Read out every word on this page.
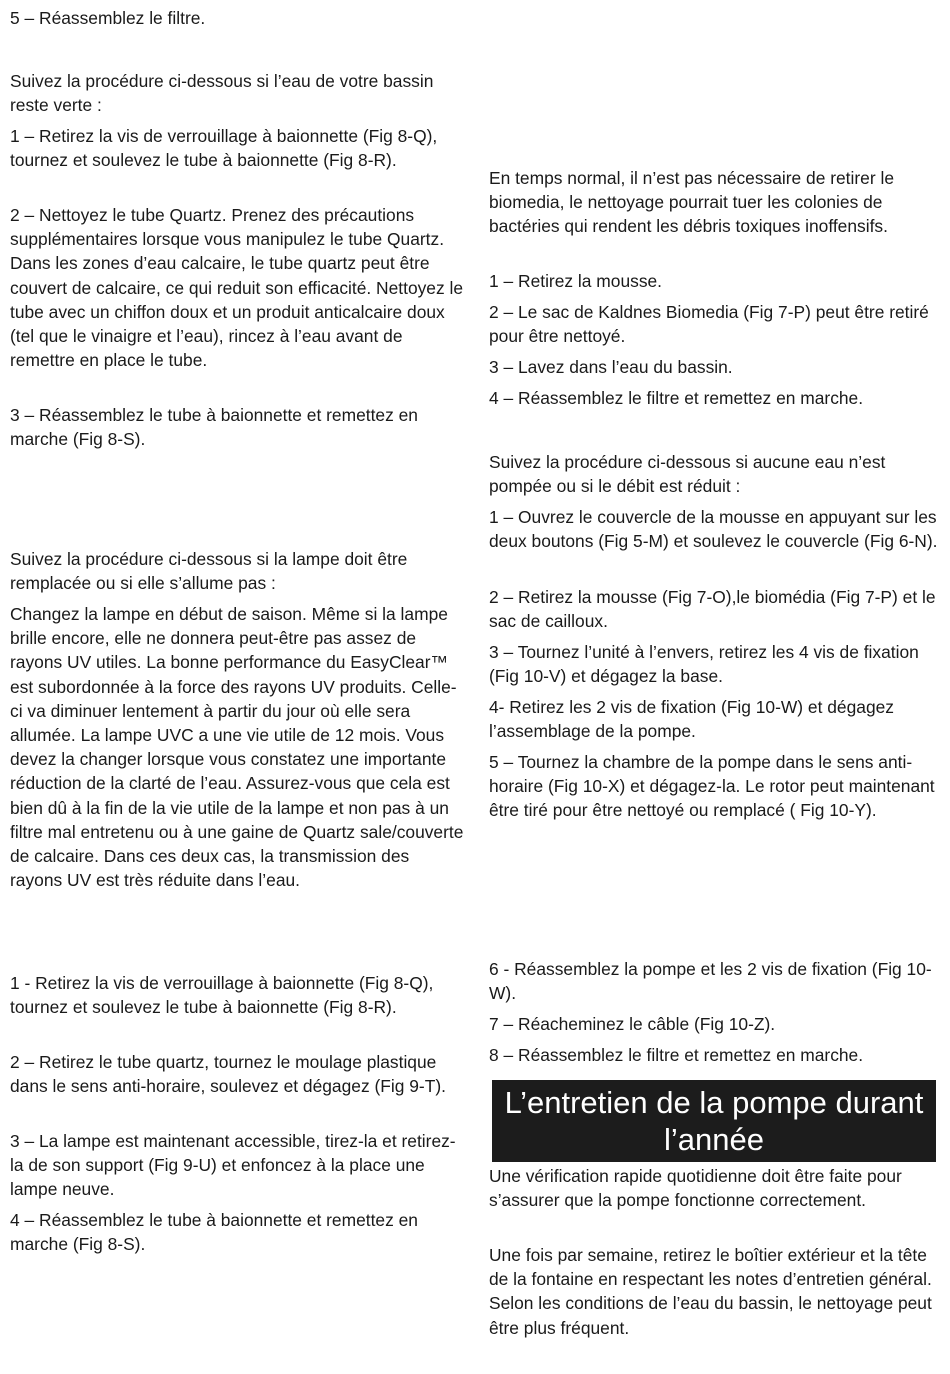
5 – Réassemblez le filtre.

Suivez la procédure ci-dessous si l’eau de votre bassin reste verte :

1 – Retirez la vis de verrouillage à baionnette (Fig 8-Q), tournez et soulevez le tube à baionnette (Fig 8-R).

2 – Nettoyez le tube Quartz. Prenez des précautions supplémentaires lorsque vous manipulez le tube Quartz. Dans les zones d’eau calcaire, le tube quartz peut être couvert de calcaire, ce qui reduit son efficacité. Nettoyez le tube avec un chiffon doux et un produit anticalcaire doux (tel que le vinaigre et l’eau), rincez à l’eau avant de remettre en place le tube.

3 – Réassemblez le tube à baionnette et remettez en marche (Fig 8-S).

Suivez la procédure ci-dessous si la lampe doit être remplacée ou si elle s’allume pas :

Changez la lampe en début de saison. Même si la lampe brille encore, elle ne donnera peut-être pas assez de rayons UV utiles. La bonne performance du EasyClear™ est subordonnée à la force des rayons UV produits. Celle-ci va diminuer lentement à partir du jour où elle sera allumée. La lampe UVC a une vie utile de 12 mois. Vous devez la changer lorsque vous constatez une importante réduction de la clarté de l’eau. Assurez-vous que cela est bien dû à la fin de la vie utile de la lampe et non pas à un filtre mal entretenu ou à une gaine de Quartz sale/couverte de calcaire. Dans ces deux cas, la transmission des rayons UV est très réduite dans l’eau.

1 - Retirez la vis de verrouillage à baionnette (Fig 8-Q), tournez et soulevez le tube à baionnette (Fig 8-R).

2 – Retirez le tube quartz, tournez le moulage plastique dans le sens anti-horaire, soulevez et dégagez (Fig 9-T).

3 – La lampe est maintenant accessible, tirez-la et retirez-la de son support (Fig 9-U) et enfoncez à la place une lampe neuve.

4 – Réassemblez le tube à baionnette et remettez en marche (Fig 8-S).

En temps normal, il n’est pas nécessaire de retirer le biomedia, le nettoyage pourrait tuer les colonies de bactéries qui rendent les débris toxiques inoffensifs.

1 – Retirez la mousse.

2 – Le sac de Kaldnes Biomedia (Fig 7-P) peut être retiré pour être nettoyé.

3 – Lavez dans l’eau du bassin.

4 – Réassemblez le filtre et remettez en marche.

Suivez la procédure ci-dessous si aucune eau n’est pompée ou si le débit est réduit :

1 – Ouvrez le couvercle de la mousse en appuyant sur les deux boutons (Fig 5-M) et soulevez le couvercle (Fig 6-N).

2 – Retirez la mousse (Fig 7-O),le biomédia (Fig 7-P) et le sac de cailloux.

3 – Tournez l’unité à l’envers, retirez les 4 vis de fixation (Fig 10-V) et dégagez la base.

4- Retirez les 2 vis de fixation (Fig 10-W) et dégagez l’assemblage de la pompe.

5 – Tournez la chambre de la pompe dans le sens anti-horaire (Fig 10-X) et dégagez-la. Le rotor peut maintenant être tiré pour être nettoyé ou remplacé ( Fig 10-Y).

6 - Réassemblez la pompe et les 2 vis de fixation (Fig 10-W).

7 – Réacheminez le câble (Fig 10-Z).

8 – Réassemblez le filtre et remettez en marche.

L’entretien de la pompe durant l’année

Une vérification rapide quotidienne doit être faite pour s’assurer que la pompe fonctionne correctement.

Une fois par semaine, retirez le boîtier extérieur et la tête de la fontaine en respectant les notes d’entretien général. Selon les conditions de l’eau du bassin, le nettoyage peut être plus fréquent.
